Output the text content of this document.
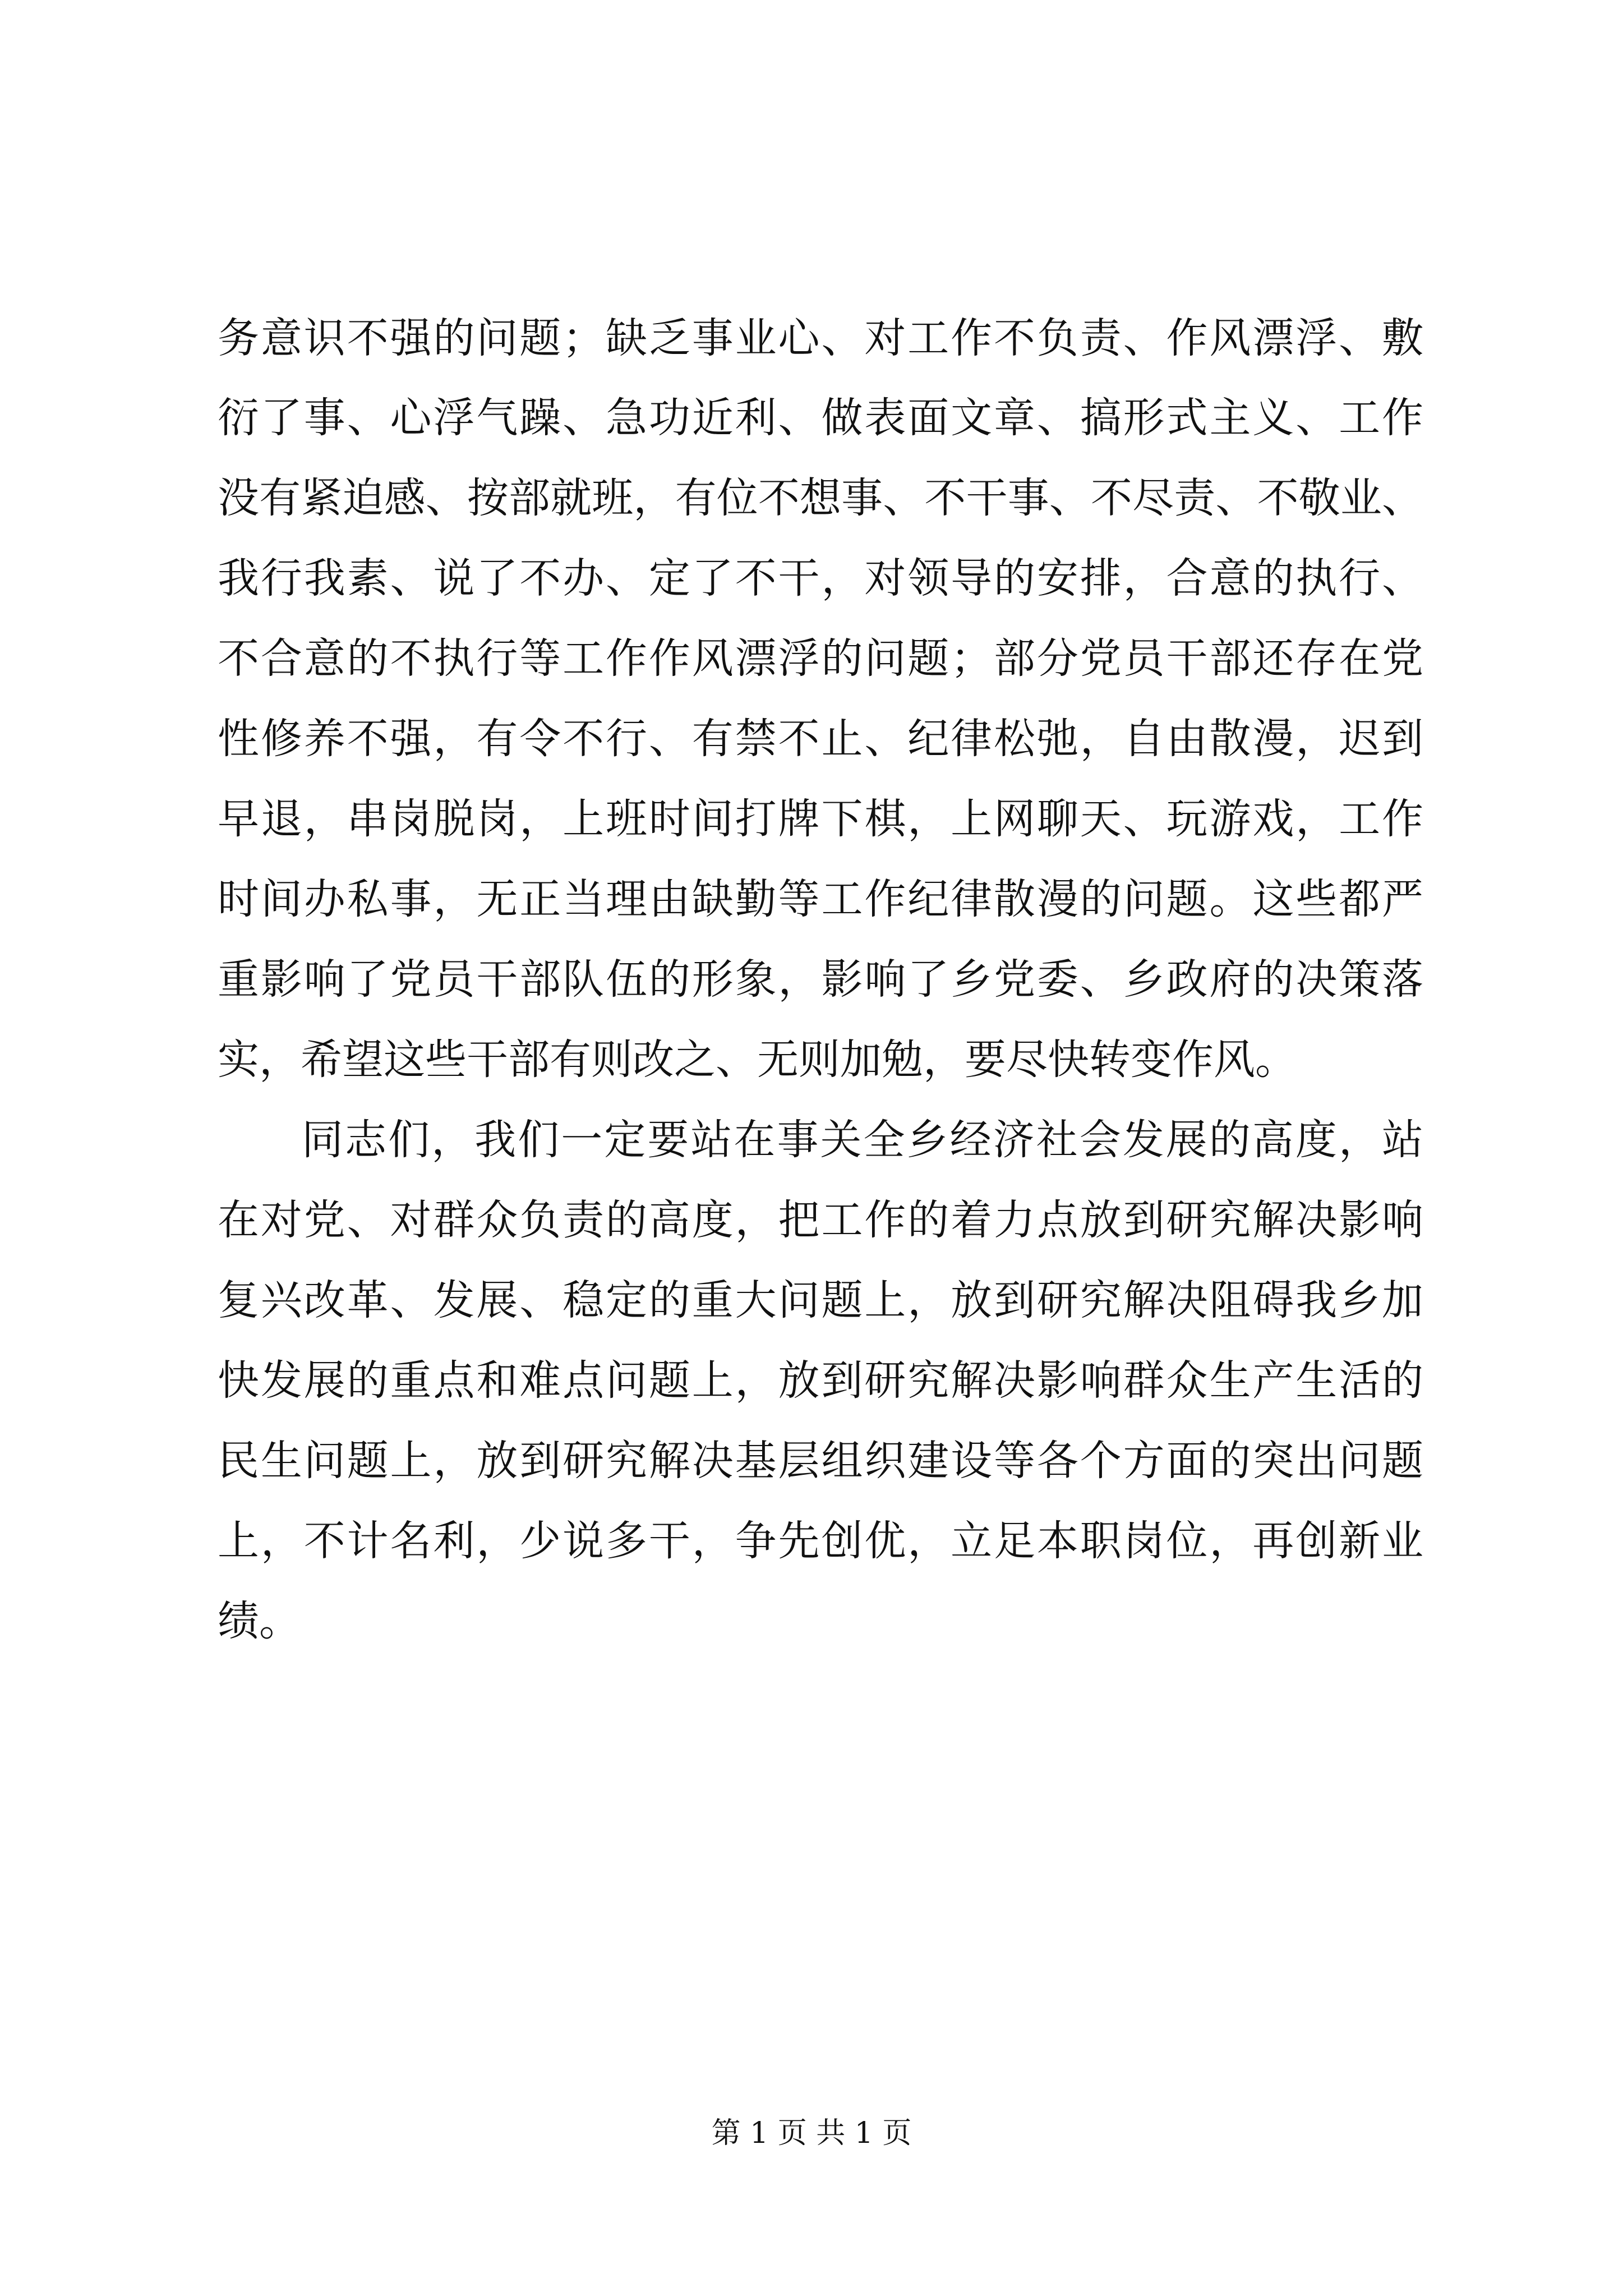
务意识不强的问题；缺乏事业心、对工作不负责、作风漂浮、敷
衍了事、心浮气躁、急功近利、做表面文章、搞形式主义、工作
没有紧迫感、按部就班，有位不想事、不干事、不尽责、不敬业、
我行我素、说了不办、定了不干，对领导的安排，合意的执行、
不合意的不执行等工作作风漂浮的问题；部分党员干部还存在党
性修养不强，有令不行、有禁不止、纪律松弛，自由散漫，迟到
早退，串岗脱岗，上班时间打牌下棋，上网聊天、玩游戏，工作
时间办私事，无正当理由缺勤等工作纪律散漫的问题。这些都严
重影响了党员干部队伍的形象，影响了乡党委、乡政府的决策落
实，希望这些干部有则改之、无则加勉，要尽快转变作风。
同志们，我们一定要站在事关全乡经济社会发展的高度，站
在对党、对群众负责的高度，把工作的着力点放到研究解决影响
复兴改革、发展、稳定的重大问题上，放到研究解决阻碍我乡加
快发展的重点和难点问题上，放到研究解决影响群众生产生活的
民生问题上，放到研究解决基层组织建设等各个方面的突出问题
上，不计名利，少说多干，争先创优，立足本职岗位，再创新业
绩。
第 1 页 共 1 页
